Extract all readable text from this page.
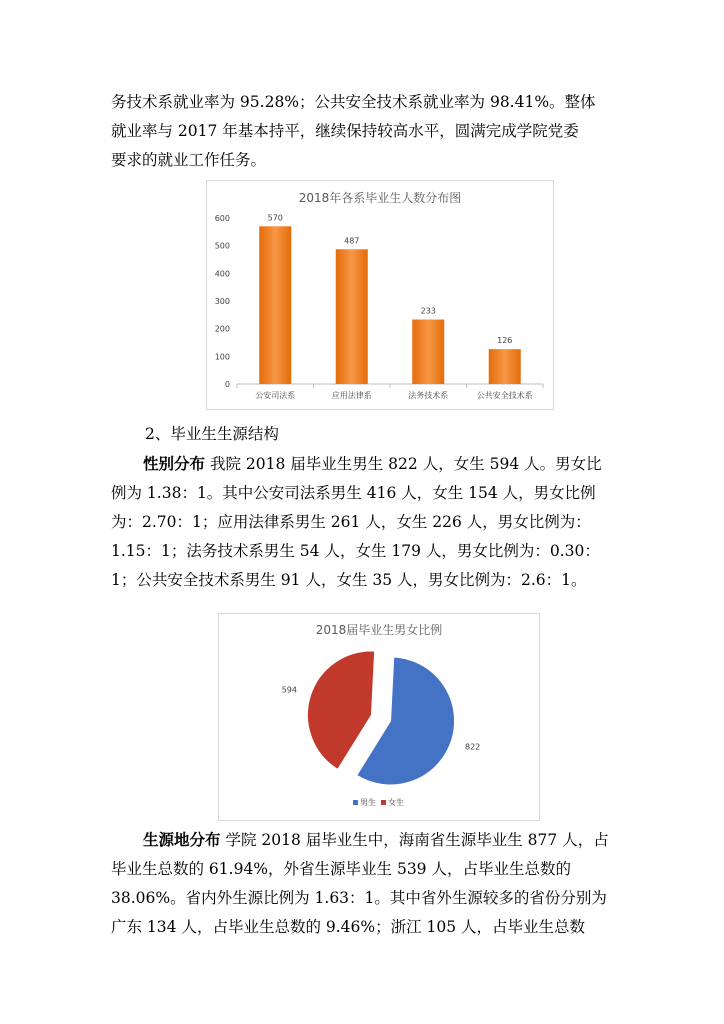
务技术系就业率为 95.28%；公共安全技术系就业率为 98.41%。整体
就业率与 2017 年基本持平，继续保持较高水平，圆满完成学院党委
要求的就业工作任务。

2018年各系毕业生人数分布图
0
100
200
300
400
500
600	570
公安司法系
487
应用法律系
233
法务技术系
126
公共安全技术系

2、毕业生生源结构

性别分布 我院 2018 届毕业生男生 822 人，女生 594 人。男女比例为 1.38：1。其中公安司法系男生 416 人，女生 154 人，男女比例为：2.70：1；应用法律系男生 261 人，女生 226 人，男女比例为：1.15：1；法务技术系男生 54 人，女生 179 人，男女比例为：0.30：1；公共安全技术系男生 91 人，女生 35 人，男女比例为：2.6：1。

2018届毕业生男女比例
822
594
男生 女生

生源地分布 学院 2018 届毕业生中，海南省生源毕业生 877 人，占毕业生总数的 61.94%，外省生源毕业生 539 人，占毕业生总数的 38.06%。省内外生源比例为 1.63：1。其中省外生源较多的省份分别为广东 134 人，占毕业生总数的 9.46%；浙江 105 人，占毕业生总数
